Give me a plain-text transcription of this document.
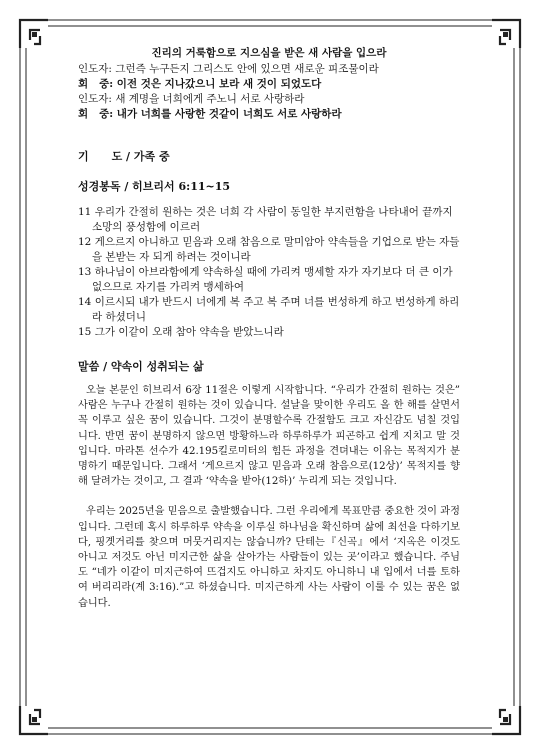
진리의 거룩함으로 지으심을 받은 새 사람을 입으라
인도자: 그런즉 누구든지 그리스도 안에 있으면 새로운 피조물이라
회   중: 이전 것은 지나갔으니 보라 새 것이 되었도다
인도자: 새 계명을 너희에게 주노니 서로 사랑하라
회   중: 내가 너희를 사랑한 것같이 너희도 서로 사랑하라
기      도 / 가족 중
성경봉독 / 히브리서 6:11~15
11 우리가 간절히 원하는 것은 너희 각 사람이 동일한 부지런함을 나타내어 끝까지 소망의 풍성함에 이르러
12 게으르지 아니하고 믿음과 오래 참음으로 말미암아 약속들을 기업으로 받는 자들을 본받는 자 되게 하려는 것이니라
13 하나님이 아브라함에게 약속하실 때에 가리켜 맹세할 자가 자기보다 더 큰 이가 없으므로 자기를 가리켜 맹세하여
14 이르시되 내가 반드시 너에게 복 주고 복 주며 너를 번성하게 하고 번성하게 하리라 하셨더니
15 그가 이같이 오래 참아 약속을 받았느니라
말씀 / 약속이 성취되는 삶

오늘 본문인 히브리서 6장 11절은 이렇게 시작합니다. “우리가 간절히 원하는 것은” 사람은 누구나 간절히 원하는 것이 있습니다. 설날을 맞이한 우리도 올 한 해를 살면서 꼭 이루고 싶은 꿈이 있습니다. 그것이 분명할수록 간절함도 크고 자신감도 넘칠 것입니다. 반면 꿈이 분명하지 않으면 방황하느라 하루하루가 피곤하고 쉽게 지치고 말 것입니다. 마라톤 선수가 42.195킬로미터의 힘든 과정을 견뎌내는 이유는 목적지가 분명하기 때문입니다. 그래서 ‘게으르지 않고 믿음과 오래 참음으로(12상)’ 목적지를 향해 달려가는 것이고, 그 결과 ‘약속을 받아(12하)’ 누리게 되는 것입니다.

우리는 2025년을 믿음으로 출발했습니다. 그런 우리에게 목표만큼 중요한 것이 과정입니다. 그런데 혹시 하루하루 약속을 이루실 하나님을 확신하며 삶에 최선을 다하기보다, 핑곗거리를 찾으며 머뭇거리지는 않습니까? 단테는『신곡』에서 ‘지옥은 이것도 아니고 저것도 아닌 미지근한 삶을 살아가는 사람들이 있는 곳’이라고 했습니다. 주님도 “네가 이같이 미지근하여 뜨겁지도 아니하고 차지도 아니하니 내 입에서 너를 토하여 버리리라(계 3:16).”고 하셨습니다. 미지근하게 사는 사람이 이룰 수 있는 꿈은 없습니다.
